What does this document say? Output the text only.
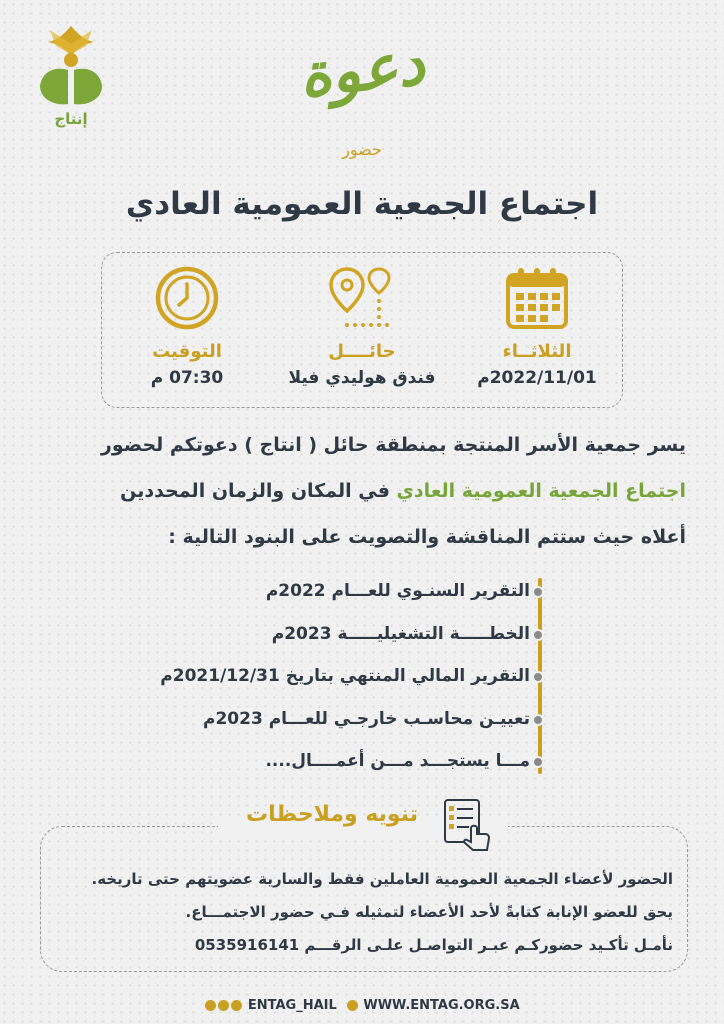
إنتاج
دعوة
حضور
اجتماع الجمعية العمومية العادي
الثلاثــاء
2022/11/01م
حائــــل
فندق هوليدي فيلا
التوقيت
07:30 م
يسر جمعية الأسر المنتجة بمنطقة حائل ( انتاج ) دعوتكم لحضور
اجتماع الجمعية العمومية العادي في المكان والزمان المحددين
أعلاه حيث ستتم المناقشة والتصويت على البنود التالية :
التقرير السنـوي للعـــام 2022م
الخطـــــة التشغيليـــــة 2023م
التقرير المالي المنتهي بتاريخ 2021/12/31م
تعييـن محاسـب خارجـي للعـــام 2023م
مـــا يستجـــد مـــن أعمــــال....
الحضور لأعضاء الجمعية العمومية العاملين فقط والسارية عضويتهم حتى تاريخه.
يحق للعضو الإنابة كتابةً لأحد الأعضاء لتمثيله فـي حضور الاجتمـــاع.
نأمـل تأكـيد حضوركـم عبـر التواصـل علـى الرقـــم 0535916141
تنويه وملاحظات
ENTAG_HAIL WWW.ENTAG.ORG.SA
